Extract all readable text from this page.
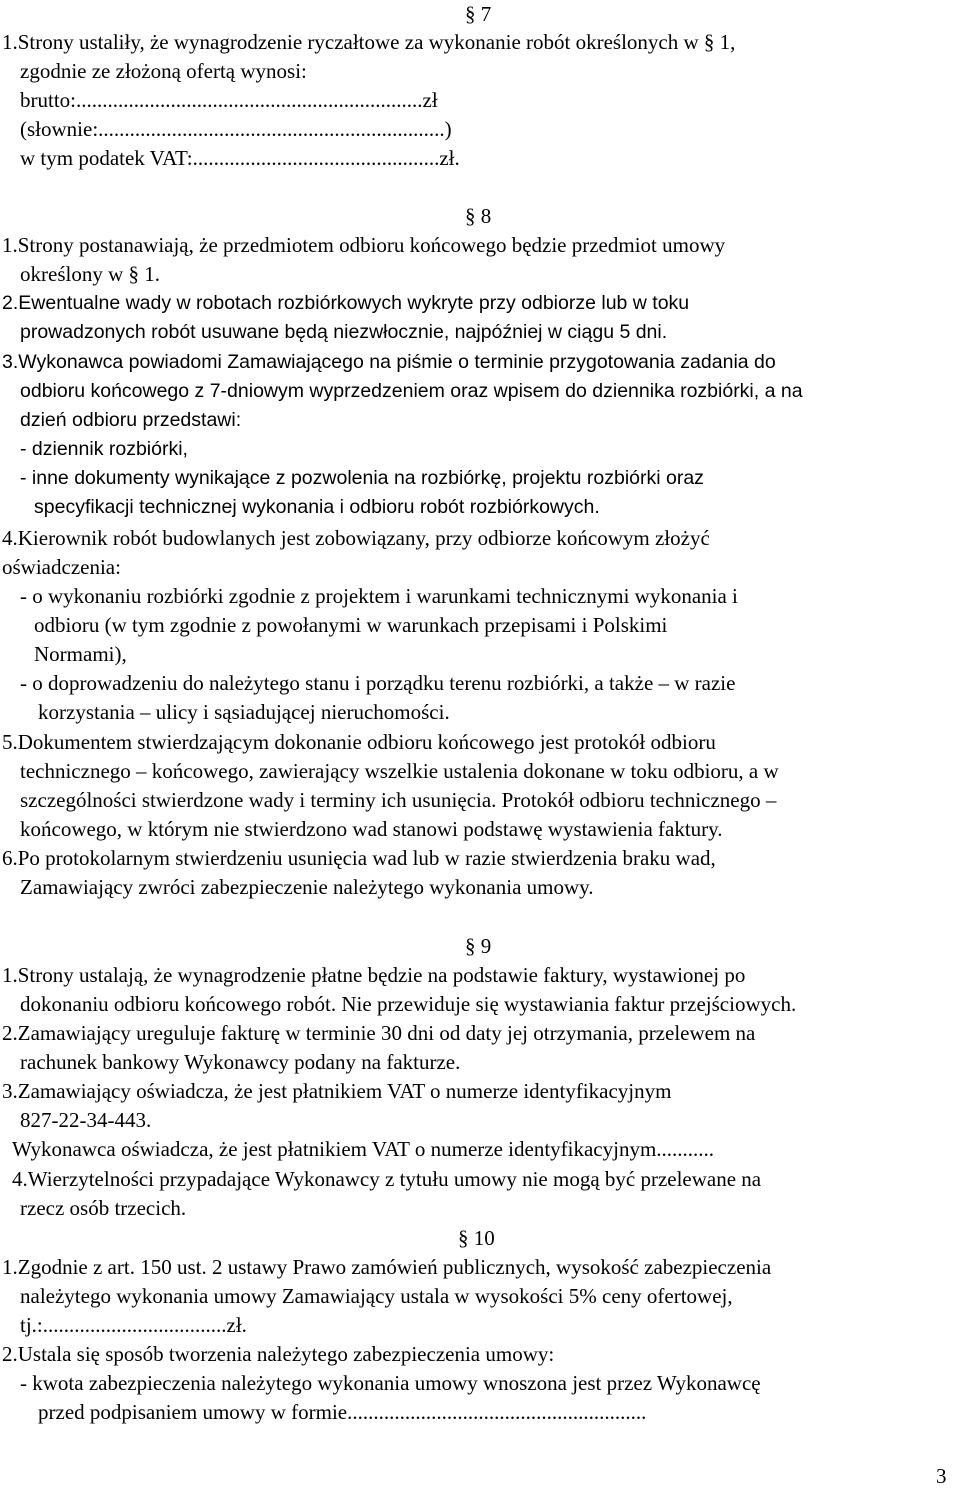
§ 7
1.Strony ustaliły, że wynagrodzenie ryczałtowe za wykonanie robót określonych w § 1,
zgodnie ze złożoną ofertą wynosi:
brutto:..................................................................zł
(słownie:..................................................................)
w tym podatek VAT:...............................................zł.
§ 8
1.Strony postanawiają, że przedmiotem odbioru końcowego będzie przedmiot umowy
określony w § 1.
2.Ewentualne wady w robotach rozbiórkowych wykryte przy odbiorze lub w toku
prowadzonych robót usuwane będą niezwłocznie, najpóźniej w ciągu 5 dni.
3.Wykonawca powiadomi Zamawiającego na piśmie o terminie przygotowania zadania do
odbioru końcowego z 7-dniowym wyprzedzeniem oraz wpisem do dziennika rozbiórki, a na
dzień odbioru przedstawi:
- dziennik rozbiórki,
- inne dokumenty wynikające z pozwolenia na rozbiórkę, projektu rozbiórki oraz
specyfikacji technicznej wykonania i odbioru robót rozbiórkowych.
4.Kierownik robót budowlanych jest zobowiązany, przy odbiorze końcowym złożyć
oświadczenia:
- o wykonaniu rozbiórki zgodnie z projektem i warunkami technicznymi wykonania i
odbioru (w tym zgodnie z powołanymi w warunkach przepisami i Polskimi
Normami),
- o doprowadzeniu do należytego stanu i porządku terenu rozbiórki, a także – w razie
korzystania – ulicy i sąsiadującej nieruchomości.
5.Dokumentem stwierdzającym dokonanie odbioru końcowego jest protokół odbioru
technicznego – końcowego, zawierający wszelkie ustalenia dokonane w toku odbioru, a w
szczególności stwierdzone wady i terminy ich usunięcia. Protokół odbioru technicznego –
końcowego, w którym nie stwierdzono wad stanowi podstawę wystawienia faktury.
6.Po protokolarnym stwierdzeniu usunięcia wad lub w razie stwierdzenia braku wad,
Zamawiający zwróci zabezpieczenie należytego wykonania umowy.
§ 9
1.Strony ustalają, że wynagrodzenie płatne będzie na podstawie faktury, wystawionej po
dokonaniu odbioru końcowego robót. Nie przewiduje się wystawiania faktur przejściowych.
2.Zamawiający ureguluje fakturę w terminie 30 dni od daty jej otrzymania, przelewem na
rachunek bankowy Wykonawcy podany na fakturze.
3.Zamawiający oświadcza, że jest płatnikiem VAT o numerze identyfikacyjnym
827-22-34-443.
Wykonawca oświadcza, że jest płatnikiem VAT o numerze identyfikacyjnym...........
4.Wierzytelności przypadające Wykonawcy z tytułu umowy nie mogą być przelewane na
rzecz osób trzecich.
§ 10
1.Zgodnie z art. 150 ust. 2 ustawy Prawo zamówień publicznych, wysokość zabezpieczenia
należytego wykonania umowy Zamawiający ustala w wysokości 5% ceny ofertowej,
tj.:...................................zł.
2.Ustala się sposób tworzenia należytego zabezpieczenia umowy:
- kwota zabezpieczenia należytego wykonania umowy wnoszona jest przez Wykonawcę
przed podpisaniem umowy w formie.........................................................
3
